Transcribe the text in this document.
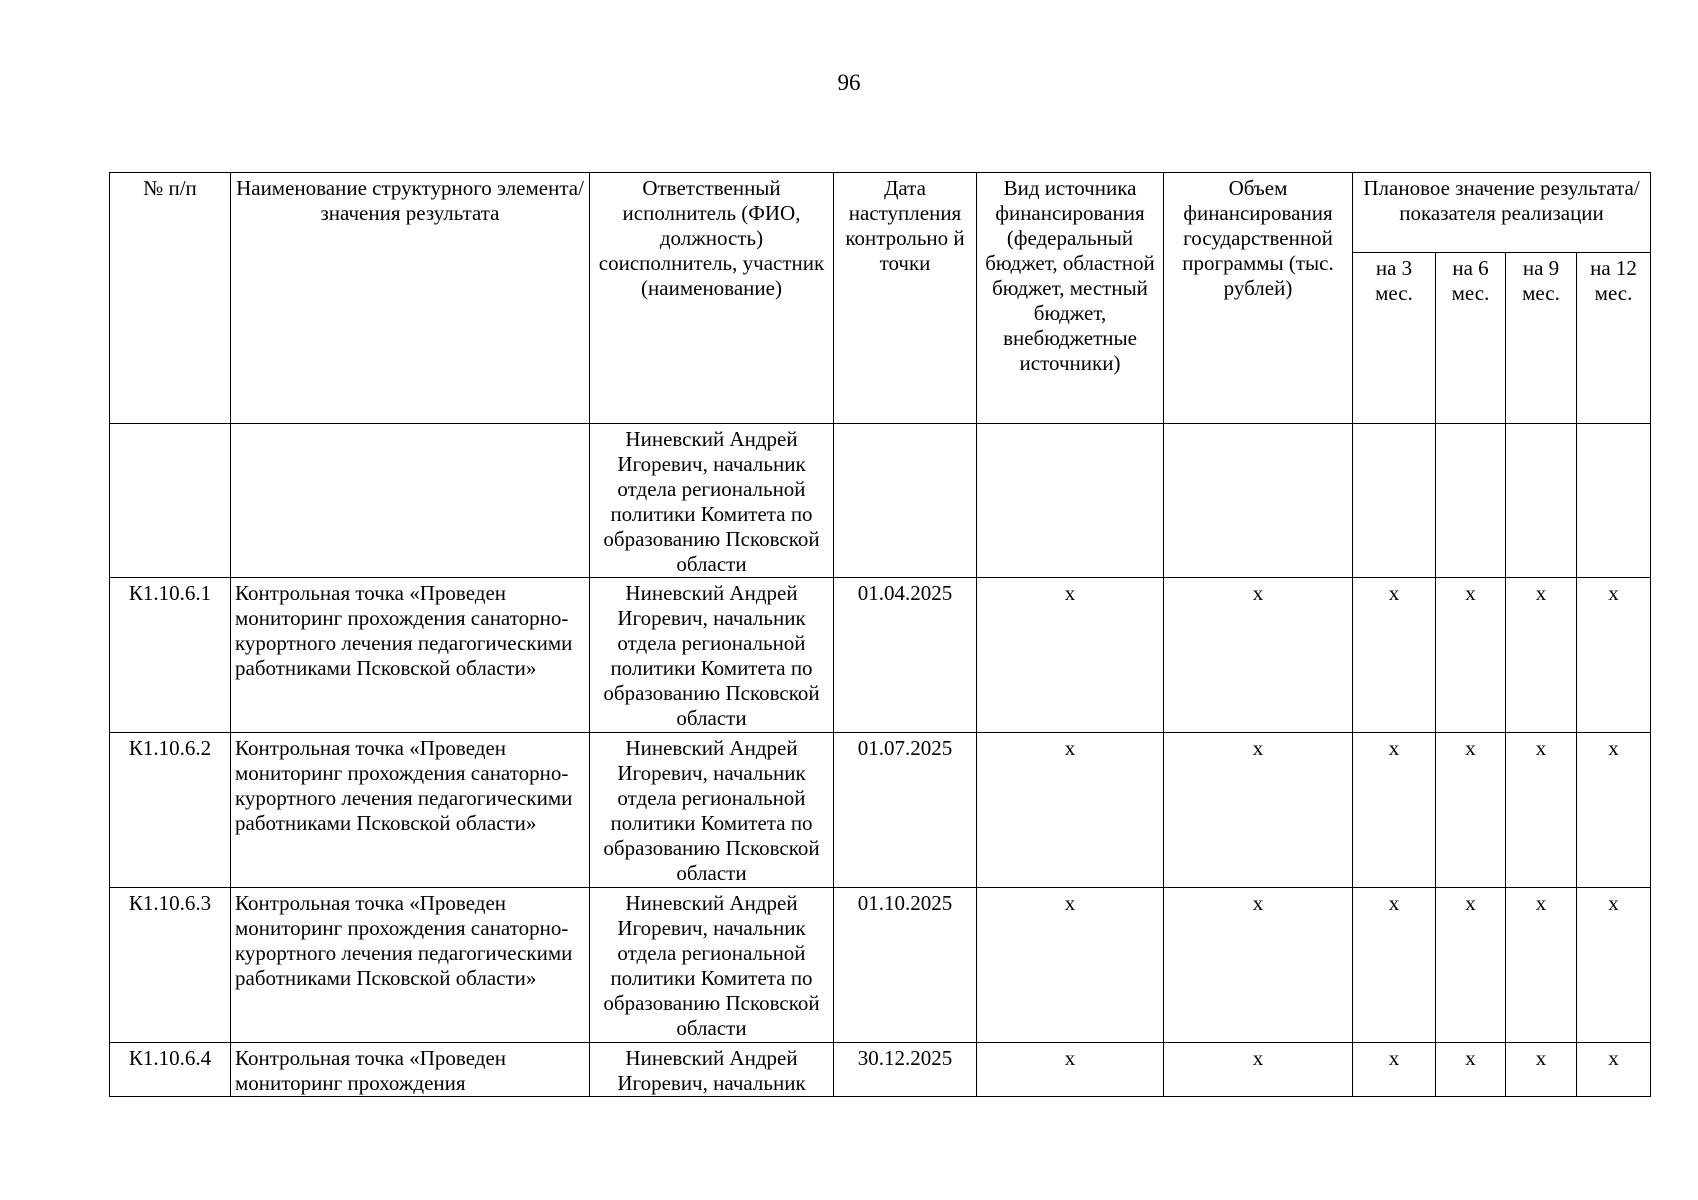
96
№ п/п	Наименование структурного элемента/ значения результата	Ответственный исполнитель (ФИО, должность) соисполнитель, участник (наименование)	Дата наступления контрольно й точки	Вид источника финансирования (федеральный бюджет, областной бюджет, местный бюджет, внебюджетные источники)	Объем финансирования государственной программы (тыс. рублей)	Плановое значение результата/показателя реализации			
						на 3 мес.	на 6 мес.	на 9 мес.	на 12 мес.
		Ниневский Андрей Игоревич, начальник отдела региональной политики Комитета по образованию Псковской области							
К1.10.6.1	Контрольная точка «Проведен мониторинг прохождения санаторно-курортного лечения педагогическими работниками Псковской области»	Ниневский Андрей Игоревич, начальник отдела региональной политики Комитета по образованию Псковской области	01.04.2025	х	х	х	х	х	х
К1.10.6.2	Контрольная точка «Проведен мониторинг прохождения санаторно-курортного лечения педагогическими работниками Псковской области»	Ниневский Андрей Игоревич, начальник отдела региональной политики Комитета по образованию Псковской области	01.07.2025	х	х	х	х	х	х
К1.10.6.3	Контрольная точка «Проведен мониторинг прохождения санаторно-курортного лечения педагогическими работниками Псковской области»	Ниневский Андрей Игоревич, начальник отдела региональной политики Комитета по образованию Псковской области	01.10.2025	х	х	х	х	х	х
К1.10.6.4	Контрольная точка «Проведен мониторинг прохождения	Ниневский Андрей Игоревич, начальник	30.12.2025	х	х	х	х	х	х
